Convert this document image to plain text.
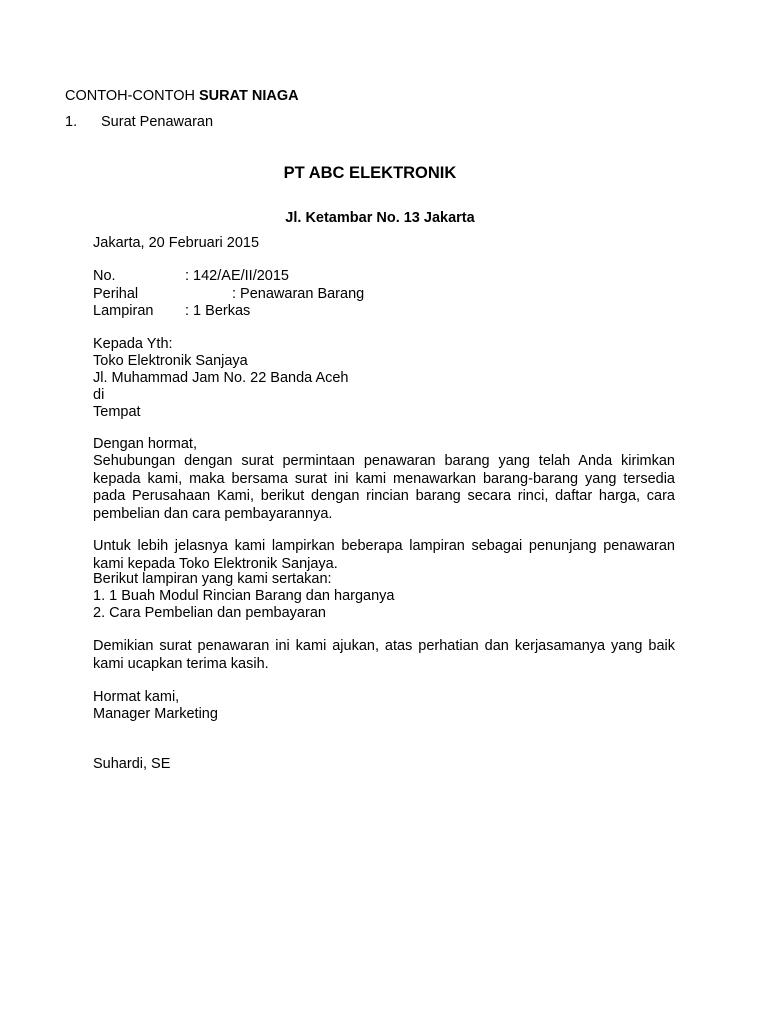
CONTOH-CONTOH SURAT NIAGA
1. Surat Penawaran
PT ABC ELEKTRONIK
Jl. Ketambar No. 13 Jakarta
Jakarta, 20 Februari 2015
No.	: 142/AE/II/2015
Perihal	: Penawaran Barang
Lampiran : 1 Berkas
Kepada Yth:
Toko Elektronik Sanjaya
Jl. Muhammad Jam No. 22 Banda Aceh
di
Tempat
Dengan hormat,
Sehubungan dengan surat permintaan penawaran barang yang telah Anda kirimkan kepada kami, maka bersama surat ini kami menawarkan barang-barang yang tersedia pada Perusahaan Kami, berikut dengan rincian barang secara rinci, daftar harga, cara pembelian dan cara pembayarannya.
Untuk lebih jelasnya kami lampirkan beberapa lampiran sebagai penunjang penawaran kami kepada Toko Elektronik Sanjaya.
Berikut lampiran yang kami sertakan:
1. 1 Buah Modul Rincian Barang dan harganya
2. Cara Pembelian dan pembayaran
Demikian surat penawaran ini kami ajukan, atas perhatian dan kerjasamanya yang baik kami ucapkan terima kasih.
Hormat kami,
Manager Marketing
Suhardi, SE
